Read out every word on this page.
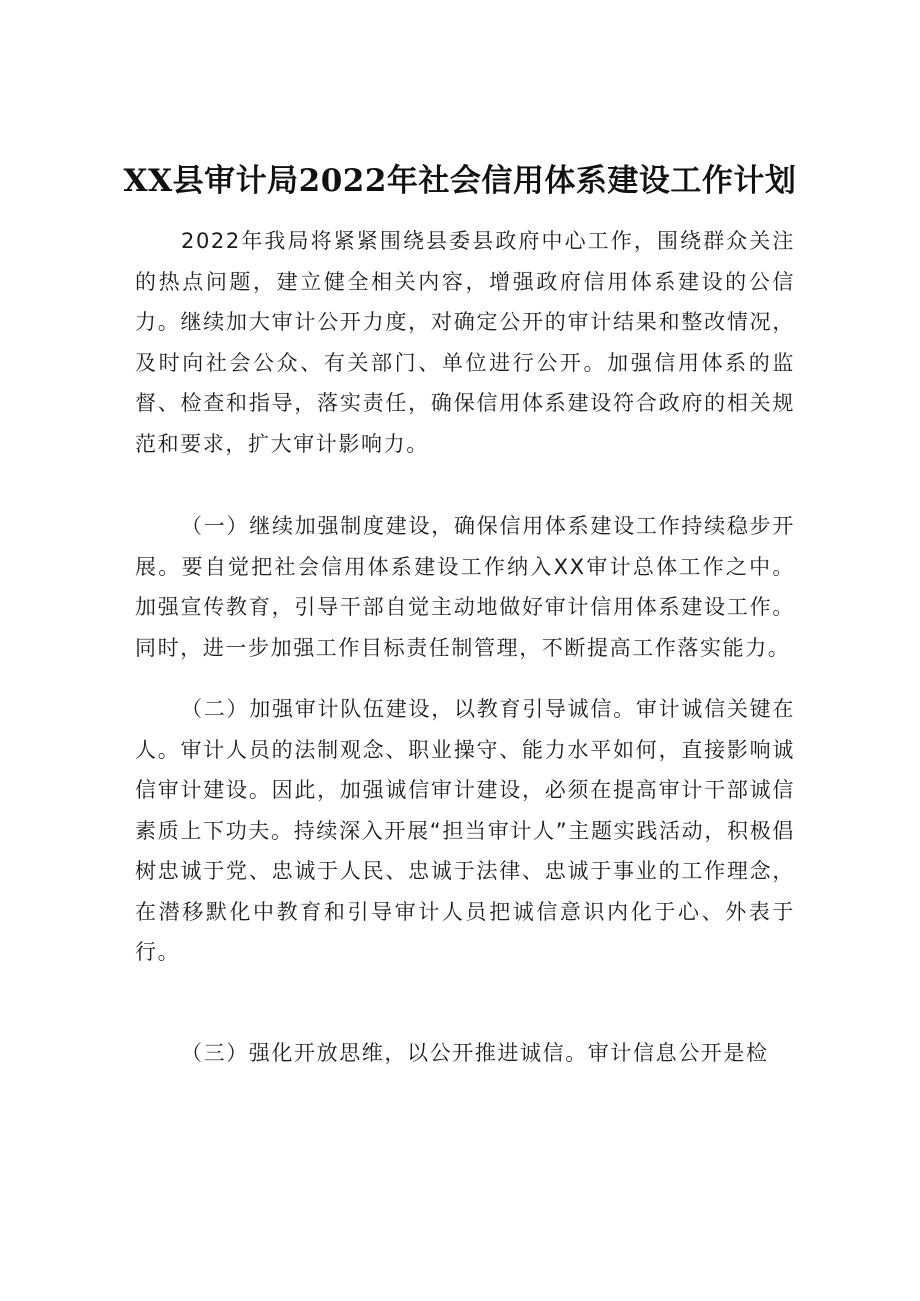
XX县审计局2022年社会信用体系建设工作计划

2022年我局将紧紧围绕县委县政府中心工作，围绕群众关注的热点问题，建立健全相关内容，增强政府信用体系建设的公信力。继续加大审计公开力度，对确定公开的审计结果和整改情况，及时向社会公众、有关部门、单位进行公开。加强信用体系的监督、检查和指导，落实责任，确保信用体系建设符合政府的相关规范和要求，扩大审计影响力。

（一）继续加强制度建设，确保信用体系建设工作持续稳步开展。要自觉把社会信用体系建设工作纳入XX审计总体工作之中。加强宣传教育，引导干部自觉主动地做好审计信用体系建设工作。同时，进一步加强工作目标责任制管理，不断提高工作落实能力。

（二）加强审计队伍建设，以教育引导诚信。审计诚信关键在人。审计人员的法制观念、职业操守、能力水平如何，直接影响诚信审计建设。因此，加强诚信审计建设，必须在提高审计干部诚信素质上下功夫。持续深入开展“担当审计人”主题实践活动，积极倡树忠诚于党、忠诚于人民、忠诚于法律、忠诚于事业的工作理念，在潜移默化中教育和引导审计人员把诚信意识内化于心、外表于行。

（三）强化开放思维，以公开推进诚信。审计信息公开是检
